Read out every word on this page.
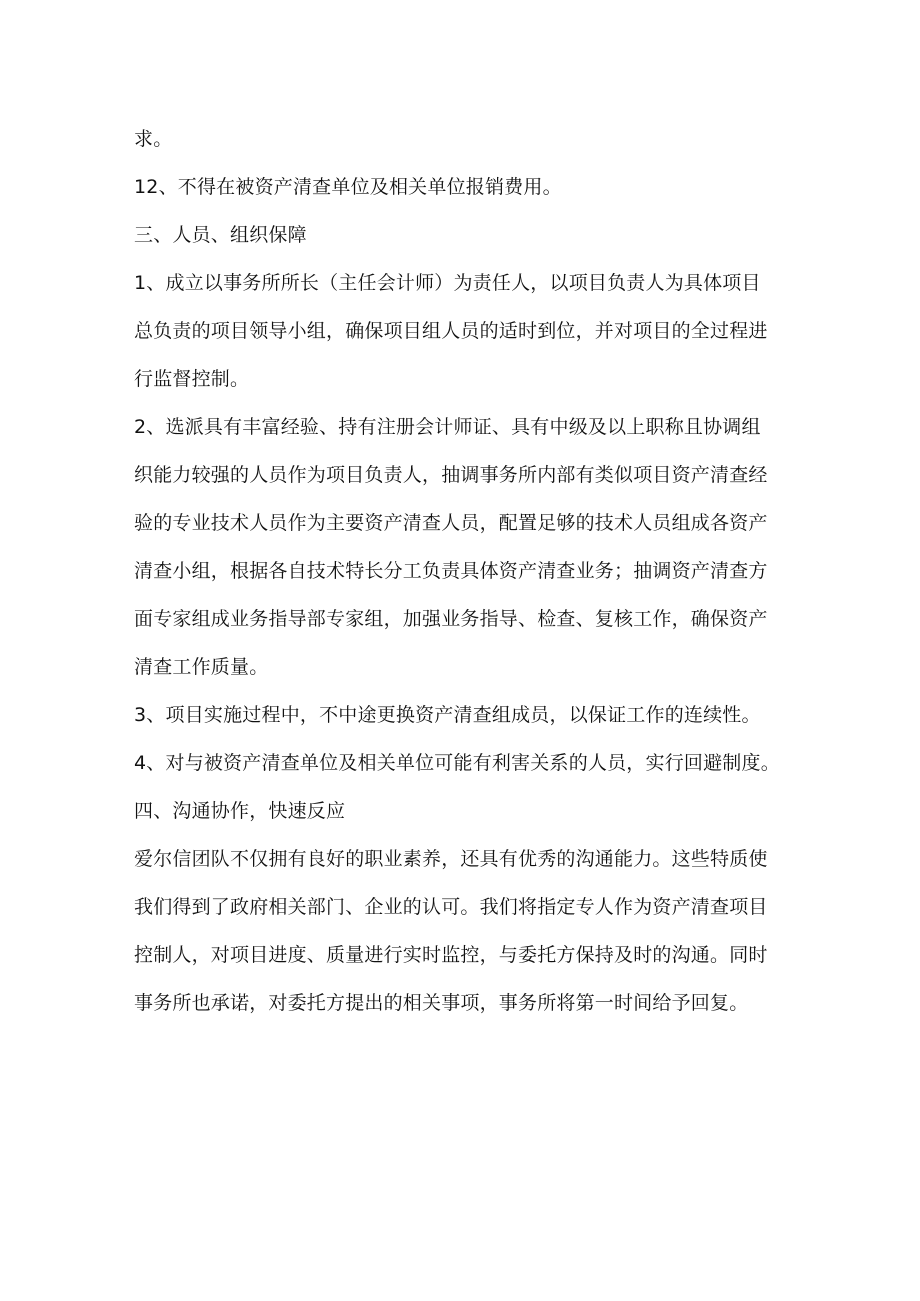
求。

12、不得在被资产清查单位及相关单位报销费用。

三、人员、组织保障

1、成立以事务所所长（主任会计师）为责任人，以项目负责人为具体项目
总负责的项目领导小组，确保项目组人员的适时到位，并对项目的全过程进
行监督控制。

2、选派具有丰富经验、持有注册会计师证、具有中级及以上职称且协调组
织能力较强的人员作为项目负责人，抽调事务所内部有类似项目资产清查经
验的专业技术人员作为主要资产清查人员，配置足够的技术人员组成各资产
清查小组，根据各自技术特长分工负责具体资产清查业务；抽调资产清查方
面专家组成业务指导部专家组，加强业务指导、检查、复核工作，确保资产
清查工作质量。

3、项目实施过程中，不中途更换资产清查组成员，以保证工作的连续性。

4、对与被资产清查单位及相关单位可能有利害关系的人员，实行回避制度。

四、沟通协作，快速反应

爱尔信团队不仅拥有良好的职业素养，还具有优秀的沟通能力。这些特质使
我们得到了政府相关部门、企业的认可。我们将指定专人作为资产清查项目
控制人，对项目进度、质量进行实时监控，与委托方保持及时的沟通。同时
事务所也承诺，对委托方提出的相关事项，事务所将第一时间给予回复。
